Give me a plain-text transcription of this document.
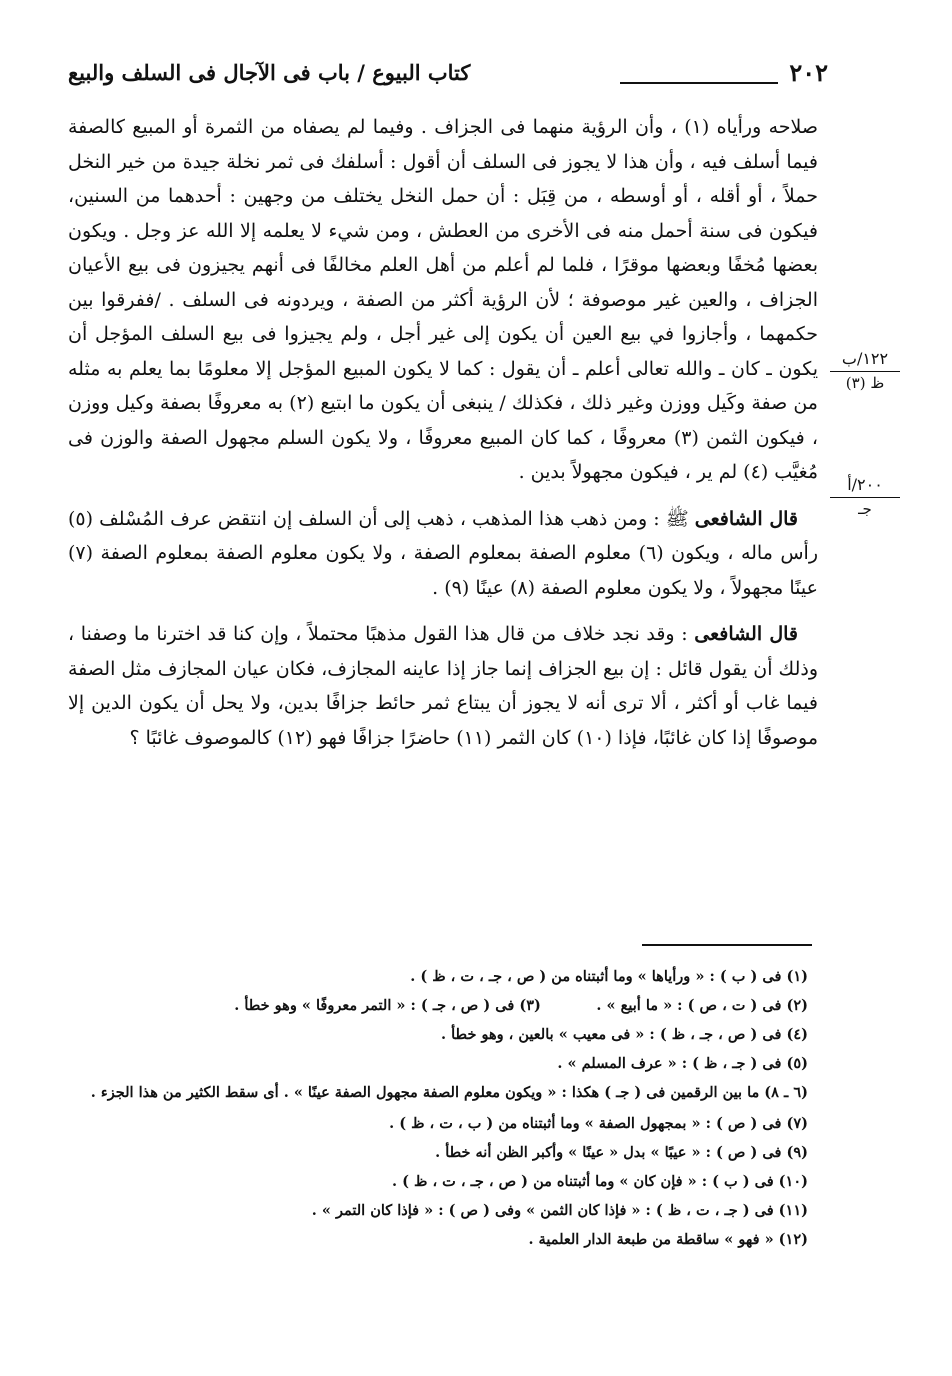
٢٠٢
كتاب البيوع / باب فى الآجال فى السلف والبيع
١٢٢/ب
ظ (٣)
٢٠٠/أ
جـ

صلاحه ورأياه (١) ، وأن الرؤية منهما فى الجزاف . وفيما لم يصفاه من الثمرة أو المبيع كالصفة فيما أسلف فيه ، وأن هذا لا يجوز فى السلف أن أقول : أسلفك فى ثمر نخلة جيدة من خير النخل حملاً ، أو أقله ، أو أوسطه ، من قِبَل : أن حمل النخل يختلف من وجهين : أحدهما من السنين، فيكون فى سنة أحمل منه فى الأخرى من العطش ، ومن شيء لا يعلمه إلا الله عز وجل . ويكون بعضها مُخفًا وبعضها موقرًا ، فلما لم أعلم من أهل العلم مخالفًا فى أنهم يجيزون فى بيع الأعيان الجزاف ، والعين غير موصوفة ؛ لأن الرؤية أكثر من الصفة ، ويردونه فى السلف . /ففرقوا بين حكمهما ، وأجازوا في بيع العين أن يكون إلى غير أجل ، ولم يجيزوا فى بيع السلف المؤجل أن يكون ـ كان ـ والله تعالى أعلم ـ أن يقول : كما لا يكون المبيع المؤجل إلا معلومًا بما يعلم به مثله من صفة وكَيل ووزن وغير ذلك ، فكذلك / ينبغى أن يكون ما ابتيع (٢) به معروفًا بصفة وكيل ووزن ، فيكون الثمن (٣) معروفًا ، كما كان المبيع معروفًا ، ولا يكون السلم مجهول الصفة والوزن فى مُغيَّب (٤) لم ير ، فيكون مجهولاً بدين .

قال الشافعى ﷺ : ومن ذهب هذا المذهب ، ذهب إلى أن السلف إن انتقض عرف المُسْلف (٥) رأس ماله ، ويكون (٦) معلوم الصفة بمعلوم الصفة ، ولا يكون معلوم الصفة بمعلوم الصفة (٧) عينًا مجهولاً ، ولا يكون معلوم الصفة (٨) عينًا (٩) .

قال الشافعى : وقد نجد خلاف من قال هذا القول مذهبًا محتملاً ، وإن كنا قد اخترنا ما وصفنا ، وذلك أن يقول قائل : إن بيع الجزاف إنما جاز إذا عاينه المجازف، فكان عيان المجازف مثل الصفة فيما غاب أو أكثر ، ألا ترى أنه لا يجوز أن يبتاع ثمر حائط جزافًا بدين، ولا يحل أن يكون الدين إلا موصوفًا إذا كان غائبًا، فإذا (١٠) كان الثمر (١١) حاضرًا جزافًا فهو (١٢) كالموصوف غائبًا ؟

(١) فى ( ب ) : « ورأياها » وما أثبتناه من ( ص ، جـ ، ت ، ظ ) .

(٢) فى ( ت ، ص ) : « ما أبيع » .           (٣) فى ( ص ، جـ ) : « التمر معروفًا » وهو خطأ .

(٤) فى ( ص ، جـ ، ظ ) : « فى معيب » بالعين ، وهو خطأ .

(٥) فى ( جـ ، ظ ) : « عرف المسلم » .

(٦ ـ ٨) ما بين الرقمين فى ( جـ ) هكذا : « ويكون معلوم الصفة مجهول الصفة عينًا » . أى سقط الكثير من هذا الجزء .

(٧) فى ( ص ) : « بمجهول الصفة » وما أثبتناه من ( ب ، ت ، ظ ) .

(٩) فى ( ص ) : « عيبًا » بدل « عينًا » وأكبر الظن أنه خطأ .

(١٠) فى ( ب ) : « فإن كان » وما أثبتناه من ( ص ، جـ ، ت ، ظ ) .

(١١) فى ( جـ ، ت ، ظ ) : « فإذا كان الثمن » وفى ( ص ) : « فإذا كان التمر » .

(١٢) « فهو » ساقطة من طبعة الدار العلمية .
